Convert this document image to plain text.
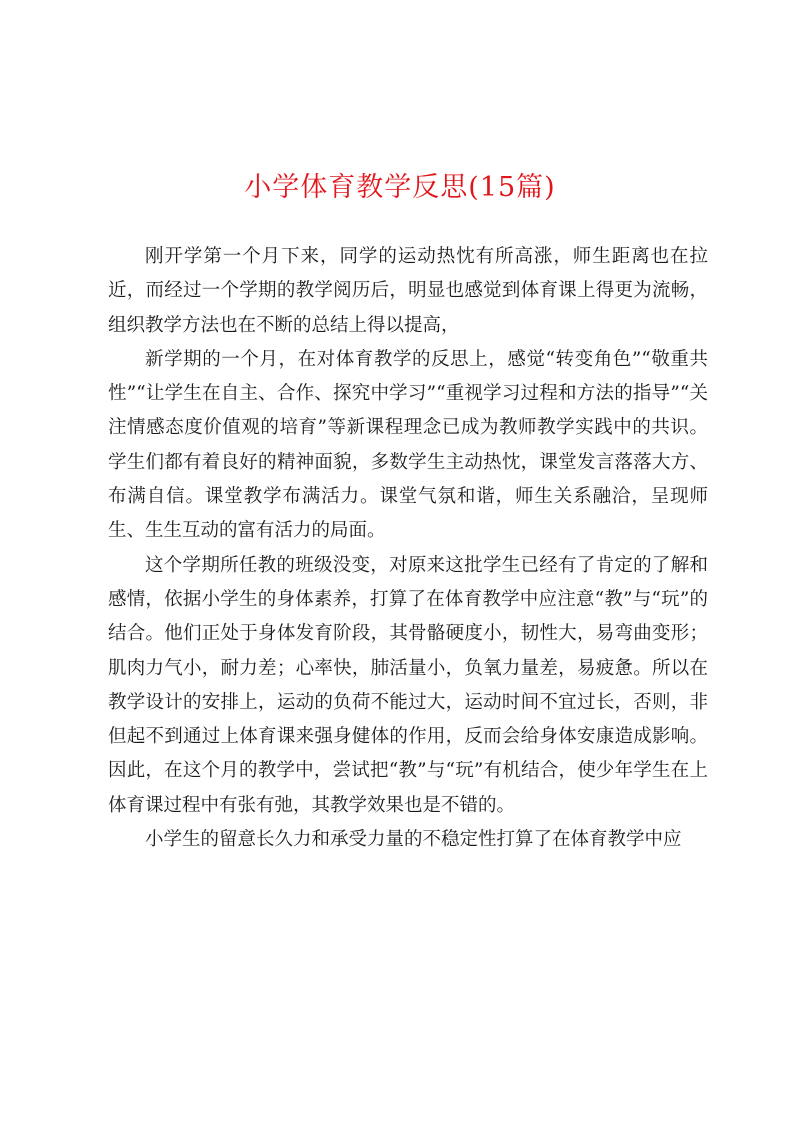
小学体育教学反思(15篇)

刚开学第一个月下来，同学的运动热忱有所高涨，师生距离也在拉近，而经过一个学期的教学阅历后，明显也感觉到体育课上得更为流畅，组织教学方法也在不断的总结上得以提高，

新学期的一个月，在对体育教学的反思上，感觉“转变角色”“敬重共性”“让学生在自主、合作、探究中学习”“重视学习过程和方法的指导”“关注情感态度价值观的培育”等新课程理念已成为教师教学实践中的共识。学生们都有着良好的精神面貌，多数学生主动热忱，课堂发言落落大方、布满自信。课堂教学布满活力。课堂气氛和谐，师生关系融洽，呈现师生、生生互动的富有活力的局面。

这个学期所任教的班级没变，对原来这批学生已经有了肯定的了解和感情，依据小学生的身体素养，打算了在体育教学中应注意“教”与“玩”的结合。他们正处于身体发育阶段，其骨骼硬度小，韧性大，易弯曲变形；肌肉力气小，耐力差；心率快，肺活量小，负氧力量差，易疲惫。所以在教学设计的安排上，运动的负荷不能过大，运动时间不宜过长，否则，非但起不到通过上体育课来强身健体的作用，反而会给身体安康造成影响。因此，在这个月的教学中，尝试把“教”与“玩”有机结合，使少年学生在上体育课过程中有张有弛，其教学效果也是不错的。

小学生的留意长久力和承受力量的不稳定性打算了在体育教学中应
